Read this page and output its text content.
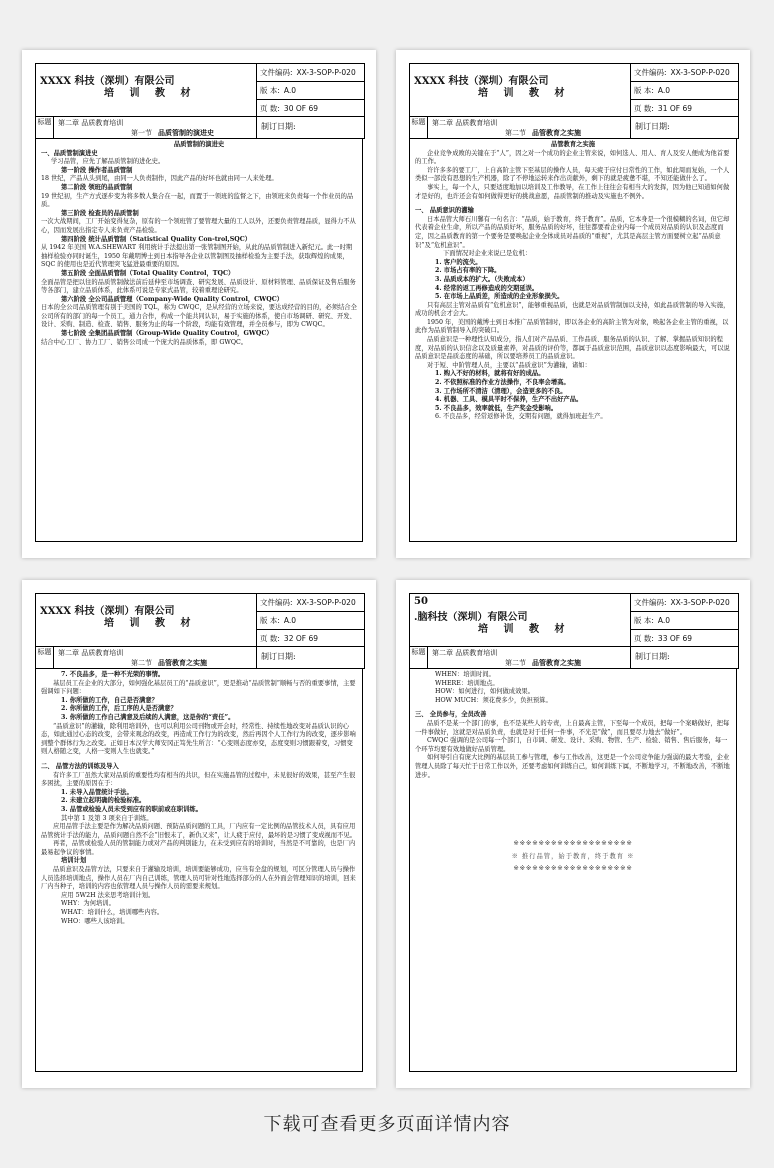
XXXX 科技（深圳）有限公司
培 训 教 材
文件编码: XX-3-SOP-P-020
版 本: A.0
页 数: 30 OF 69
标题 第二章 品质教育培训
第一节 品质管制的演进史
制订日期:

品质管制的演进史

一、品质管制演进史

学习品管，应先了解品质管制的进化史。

第一阶段 操作者品质管制

18 世纪，产品从头到尾，由同一人负责制作，因此产品的好坏也就由同一人来处理。

第二阶段 领班的品质管制

19 世纪初，生产方式逐步变为将多数人集合在一起，而置于一领班的监督之下，由领班来负责每一个作业员的品质。

第三阶段 检查员的品质管制

一次大战期间，工厂开始变得复杂，原有的一个领班管了要管理大量的工人以外，还要负责管理品质，显得力不从心，因而发展出指定专人来负责产品检验。

第四阶段 统计品质管制（Statistical Quality Con-trol,SQC）

从 1942 年美国 W.A.SHEWART 利用统计手法提出第一张管制图开始，从此的品质管制进入新纪元。此一时期抽样检验亦同时诞生，1950 年戴明博士到日本指导各企业以管制图及抽样检验为主要手法，获取辉煌的成果，SQC 的使用也是近代管理突飞猛进最重要的原因。

第五阶段 全面品质管制（Total Quality Control，TQC）

全面品管是把以往的品质管制做法前后延伸至市场调查、研究发展、品质设计、原材料管理、品质保证及售后服务等各部门，建立品质体系，此体系可说是专家式品管，较着重理论研究。

第六阶段 全公司品质管理（Company-Wide Quality Control，CWQC）

日本的全公司品质管理有别于美国的 TQL，称为 CWQC，是从经营的立场来说，要达成经营的目的，必须结合全公司所有的部门的每一个员工，通力合作，构成一个能共同认识，易于实施的体系，使自市场调研、研究、开发、设计、采购、制造、检查、销售、服务为止的每一个阶段，均能有效管理，并全员参与，即为 CWQC。

第七阶段 全集团品质管制（Group-Wide Quality Coutrol，GWQC）

结合中心工厂、协力工厂、销售公司成一个庞大的品质体系，即 GWQC。

XXXX 科技（深圳）有限公司
培 训 教 材
文件编码: XX-3-SOP-P-020
版 本: A.0
页 数: 31 OF 69
标题 第二章 品质教育培训
第二节 品管教育之实施
制订日期:

品管教育之实施

企业竞争成败的关键在于“人”，因之对一个成功的企业主管来说，如何选人、用人、育人及安人便成为他首要的工作。

许许多多的要工厂，上自高阶主管下至基层的操作人员，每天疲于应付日常性的工作，如此周而复始，一个人类似一部没有思想的生产机器，除了不停地运转来作出贡献外，剩下的就是疲惫不堪，不知还能做什么了。

事实上，每一个人，只要适度地加以培训及工作教导，在工作上往往会有相当大的发挥，因为他已知道如何做才是好的，也许还会有如何做得更好的挑战意愿，品质管制的推动及实施也不例外。

一、 品质意识的灌输

日本品管大师石川馨有一句名言：“品质，始于教育，终于教育”。品质，它本身是一个很模糊的名词，但它却代表着企业生命，所以产品的品质好坏，服务品质的好坏，往往都要看企业内每一个成员对品质的认识及态度而定，因之品质教育的第一个要务是要唤起企业全体成员对品质的“重视”，尤其是高层主管方面要树立起“品质意识”及“危机意识”。

下面情况对企业来说已是危机：

1. 客户的流失。

2. 市场占有率的下降。

3. 品质成本的扩大。（失败成本）

4. 经常的返工再修造成的交期延误。

5. 在市场上品质差，所造成的企业形象损失。

只有高层主管对品质有“危机意识”，能够重视品质，也就是对品质管制加以支持，如此品质管制的导入实施，成功的机会才会大。

1950 年，美国的戴博士到日本推广品质管制时，即以各企业的高阶主管为对象，唤起各企业主管的重视，以此作为品质管制导入的突破口。

品质意识是一种理性认知成分，指人们对产品品质、工作品质、服务品质的认识、了解、掌握品质知识的程度，对品质的认识信念以及质量素养，对品质的评价等，都属于品质意识范围，品质意识以态度影响最大，可以说品质意识是品质态度的基础，所以要培养员工的品质意识。

对于短、中阶管理人员，主要以“品质意识”为灌输，诸如：

1. 购入不好的材料，就将有好的成品。

2. 不依照标准的作业方法操作，不良率会增高。

3. 工作场所不清洁（清理），会造更多的不良。

4. 机器、工具、模具平时不保养，生产不出好产品。

5. 不良品多，效率就低，生产奖金受影响。

6. 不良品多，经常返修补货，交期有问题，就得加班赶生产。

XXXX 科技（深圳）有限公司
培 训 教 材
文件编码: XX-3-SOP-P-020
版 本: A.0
页 数: 32 OF 69
标题 第二章 品质教育培训
第二节 品管教育之实施
制订日期:

7. 不良品多，是一种不光荣的事情。

基层员工在企业的大部分，如何强化基层员工的“品质意识”，更是推动“品质管制”顺畅与否的重要事情，主要强调如下问题：

1. 你所做的工作，自己是否满意？

2. 你所做的工作，后工序的人是否满意？

3. 你所做的工作自己满意及后续的人满意，这是你的“责任”。

“品质意识”的灌输，除利用培训外，也可以利用公司刊物或开会时，经常性、持续性地改变对品质认识的心态，如此通过心态的改变，会带来观念的改变，再造成工作行为的改变，然后再因个人工作行为的改变，逐步影响到整个群体行为之改变。正如日本汉学大师安冈正笃先生所言：“心变则态度亦变，态度变则习惯跟着变，习惯变则人格随之变，人格一变则人生也就变。”

二、 品管方法的训练及导入

有许多工厂虽然大家对品质的重要性均有相当的共识，但在实施品管的过程中，未见很好的效果，甚至产生很多困扰，主要的原因在于：

1. 未导入品管统计手法。

2. 未建立起明确的检验标准。

3. 品管或检验人员未受到应有的职前或在职训练。

其中第 1 及第 3 项来自于训练。

应用品管手法主要是作为解决品质问题、预防品质问题的工具，厂内应有一定比例的品管技术人员，具有应用品管统计手法的能力，品质问题自然不会“旧恨未了，新仇又来”，让人疲于应付，最坏的是习惯了变成视而不见。

再者，品管或检验人员的管制能力或对产品的判别能力，在未受到应有的培训时，当然是不可靠的，也是厂内最易起争议的事情。

培训计划

品质意识及品管方法，只要来自于灌输及培训，培训要能够成功，应当有全盘的规划，可区分管理人员与操作人员选择培训地点，操作人员在厂内自己训练，管理人员可针对性地选择部分的人在外面会管理知识的培训，回来厂内当种子，培训的内容也依管理人员与操作人员的需要来规划。

应用 5W2H 法来思考培训计划。

WHY：为何培训。

WHAT：培训什么，培训哪些内容。

WHO：哪些人该培训。

50
.脑科技（深圳）有限公司
培 训 教 材
文件编码: XX-3-SOP-P-020
版 本: A.0
页 数: 33 OF 69
标题 第二章 品质教育培训
第二节 品管教育之实施
制订日期:

WHEN：培训时间。

WHERE：培训地点。

HOW：如何进行，如何做成效果。

HOW MUCH：须花费多少，负担预算。

三、 全员参与，全员改善

品质不是某一个部门的事，也不是某些人的专责，上自最高主管，下至每一个成员，把每一个案略做好，把每一件事做好，这就是对品质负责，也就是对于任何一件事，不光是“做”，而且要尽力地去“做好”。

CWQC 强调的是公司每一个部门，自市调、研发、设计、采购、物管、生产、检验、销售、售后服务，每一个环节均要有效地做好品质管理。

如何导引自有庞大比例的基层员工参与管理，参与工作改善，这更是一个公司竞争能力强弱的最大考验，企业管理人员除了每天忙于日常工作以外，还要考虑如何训练自己，如何训练下属，不断地学习，不断地改善，不断地进步。

※※※※※※※※※※※※※※※※※※※

※ 推行品管，始于教育，终于教育 ※

※※※※※※※※※※※※※※※※※※※

下载可查看更多页面详情内容
